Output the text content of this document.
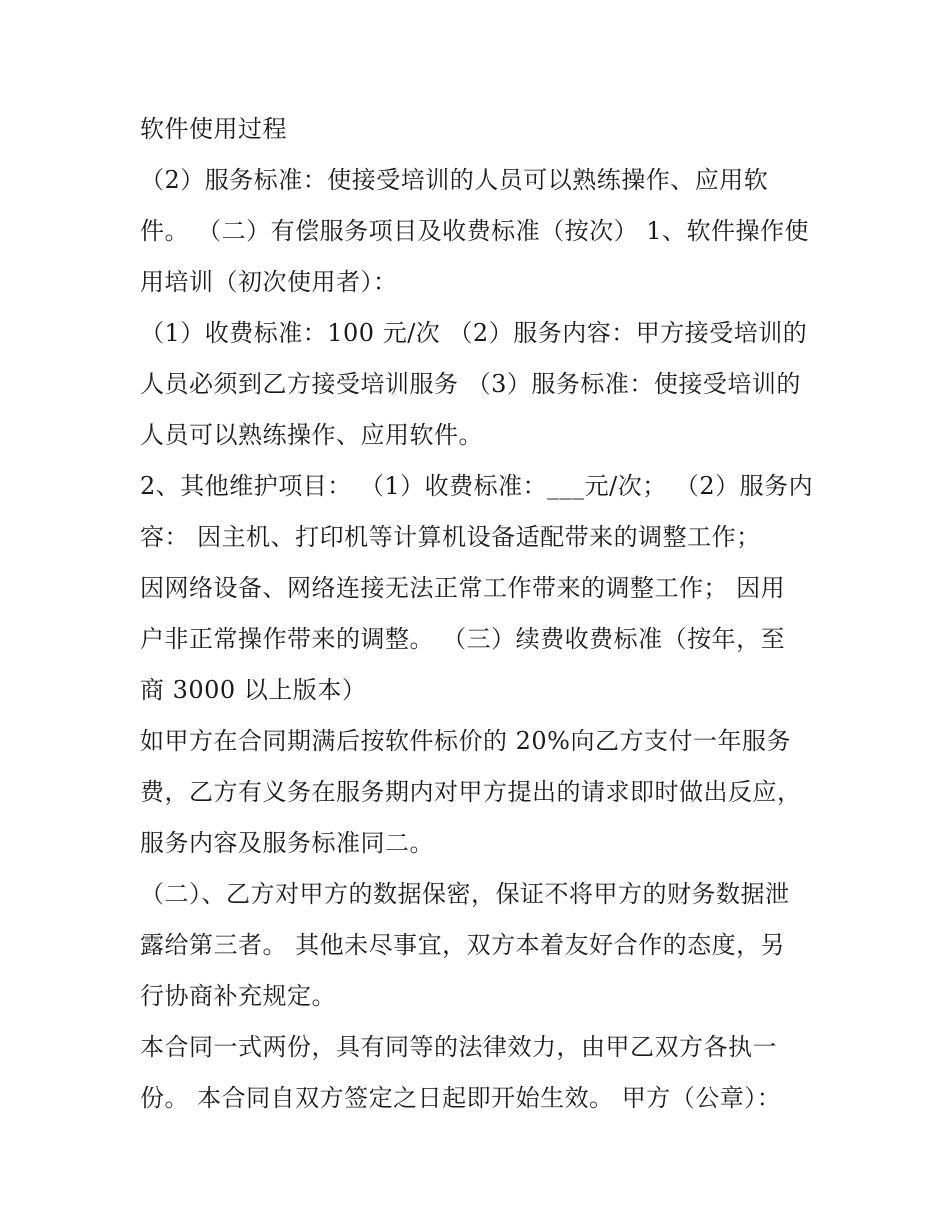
软件使用过程
（2）服务标准：使接受培训的人员可以熟练操作、应用软
件。 （二）有偿服务项目及收费标准（按次） 1、软件操作使
用培训（初次使用者）：
（1）收费标准：100 元/次 （2）服务内容：甲方接受培训的
人员必须到乙方接受培训服务 （3）服务标准：使接受培训的
人员可以熟练操作、应用软件。
2、其他维护项目： （1）收费标准：___元/次； （2）服务内
容： 因主机、打印机等计算机设备适配带来的调整工作；
因网络设备、网络连接无法正常工作带来的调整工作； 因用
户非正常操作带来的调整。 （三）续费收费标准（按年，至
商 3000 以上版本）
如甲方在合同期满后按软件标价的 20%向乙方支付一年服务
费，乙方有义务在服务期内对甲方提出的请求即时做出反应，
服务内容及服务标准同二。
（二）、乙方对甲方的数据保密，保证不将甲方的财务数据泄
露给第三者。 其他未尽事宜，双方本着友好合作的态度，另
行协商补充规定。
本合同一式两份，具有同等的法律效力，由甲乙双方各执一
份。 本合同自双方签定之日起即开始生效。 甲方（公章）：
